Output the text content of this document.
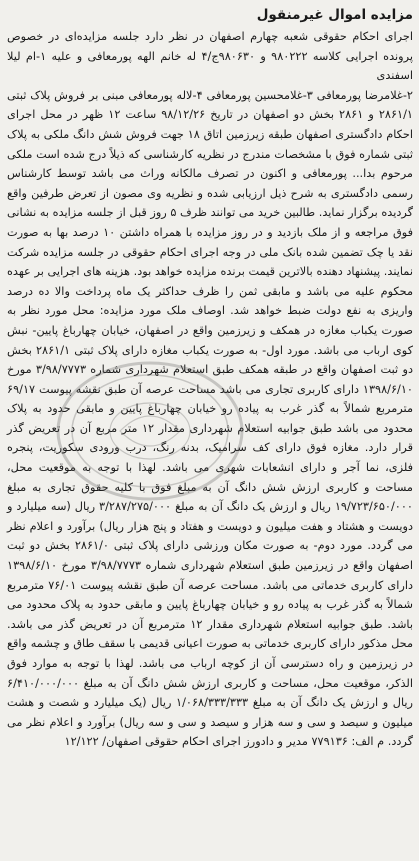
مزایده اموال غیرمنقول

اجرای احکام حقوقی شعبه چهارم اصفهان در نظر دارد جلسه مزایده‌ای در خصوص پرونده اجرایی کلاسه ۹۸۰۲۲۲ و ۹۸۰۶۳۰ج/۴ له خانم الهه پورمعافی و علیه ۱-ام لیلا اسفندی

۲-غلامرضا پورمعافی ۳-غلامحسین پورمعافی ۴-لاله پورمعافی مبنی بر فروش پلاک ثبتی ۲۸۶۱/۱ و ۲۸۶۱ بخش دو اصفهان در تاریخ ۹۸/۱۲/۲۶ ساعت ۱۲ ظهر در محل اجرای احکام دادگستری اصفهان طبقه زیرزمین اتاق ۱۸ جهت فروش شش دانگ ملکی به پلاک ثبتی شماره فوق با مشخصات مندرج در نظریه کارشناسی که ذیلاً درج شده است ملکی مرحوم بدا... پورمعافی و اکنون در تصرف مالکانه وراث می باشد توسط کارشناس رسمی دادگستری به شرح ذیل ارزیابی شده و نظریه وی مصون از تعرض طرفین واقع گردیده برگزار نماید. طالبین خرید می توانند ظرف ۵ روز قبل از جلسه مزایده به نشانی فوق مراجعه و از ملک بازدید و در روز مزایده با همراه داشتن ۱۰ درصد بها به صورت نقد یا چک تضمین شده بانک ملی در وجه اجرای احکام حقوقی در جلسه مزایده شرکت نمایند. پیشنهاد دهنده بالاترین قیمت برنده مزایده خواهد بود. هزینه های اجرایی بر عهده محکوم علیه می باشد و مابقی ثمن را ظرف حداکثر یک ماه پرداخت والا ده درصد واریزی به نفع دولت ضبط خواهد شد. اوصاف ملک مورد مزایده: محل مورد نظر به صورت یکباب مغازه در همکف و زیرزمین واقع در اصفهان، خیابان چهارباغ پایین- نبش کوی ارباب می باشد. مورد اول- به صورت یکباب مغازه دارای پلاک ثبتی ۲۸۶۱/۱ بخش دو ثبت اصفهان واقع در طبقه همکف طبق استعلام شهرداری شماره ۳/۹۸/۷۷۷۳ مورخ ۱۳۹۸/۶/۱۰ دارای کاربری تجاری می باشد مساحت عرصه آن طبق نقشه پیوست ۶۹/۱۷ مترمربع شمالاً به گذر غرب به پیاده رو خیابان چهارباغ پایین و مابقی حدود به پلاک محدود می باشد طبق جوابیه استعلام شهرداری مقدار ۱۲ متر مربع آن در تعریض گذر قرار دارد. مغازه فوق دارای کف سرامیک، بدنه رنگ، درب ورودی سکوریت، پنجره فلزی، نما آجر و دارای انشعابات شهری می باشد. لهذا با توجه به موقعیت محل، مساحت و کاربری ارزش شش دانگ آن به مبلغ فوق با کلیه حقوق تجاری به مبلغ ۱۹/۷۲۳/۶۵۰/۰۰۰ ریال و ارزش یک دانگ آن به مبلغ ۳/۲۸۷/۲۷۵/۰۰۰ ریال (سه میلیارد و دویست و هشتاد و هفت میلیون و دویست و هفتاد و پنج هزار ریال) برآورد و اعلام نظر می گردد. مورد دوم- به صورت مکان ورزشی دارای پلاک ثبتی ۲۸۶۱/۰ بخش دو ثبت اصفهان واقع در زیرزمین طبق استعلام شهرداری شماره ۳/۹۸/۷۷۷۳ مورخ ۱۳۹۸/۶/۱۰ دارای کاربری خدماتی می باشد. مساحت عرصه آن طبق نقشه پیوست ۷۶/۰۱ مترمربع شمالاً به گذر غرب به پیاده رو و خیابان چهارباغ پایین و مابقی حدود به پلاک محدود می باشد. طبق جوابیه استعلام شهرداری مقدار ۱۲ مترمربع آن در تعریض گذر می باشد. محل مذکور دارای کاربری خدماتی به صورت اعیانی قدیمی با سقف طاق و چشمه واقع در زیرزمین و راه دسترسی آن از کوچه ارباب می باشد. لهذا با توجه به موارد فوق الذکر، موقعیت محل، مساحت و کاربری ارزش شش دانگ آن به مبلغ ۶/۴۱۰/۰۰۰/۰۰۰ ریال و ارزش یک دانگ آن به مبلغ ۱/۰۶۸/۳۳۳/۳۳۳ ریال (یک میلیارد و شصت و هشت میلیون و سیصد و سی و سه هزار و سیصد و سی و سه ریال) برآورد و اعلام نظر می گردد. م الف: ۷۷۹۱۳۶ مدیر و دادورز اجرای احکام حقوقی اصفهان/ ۱۲/۱۲۲
